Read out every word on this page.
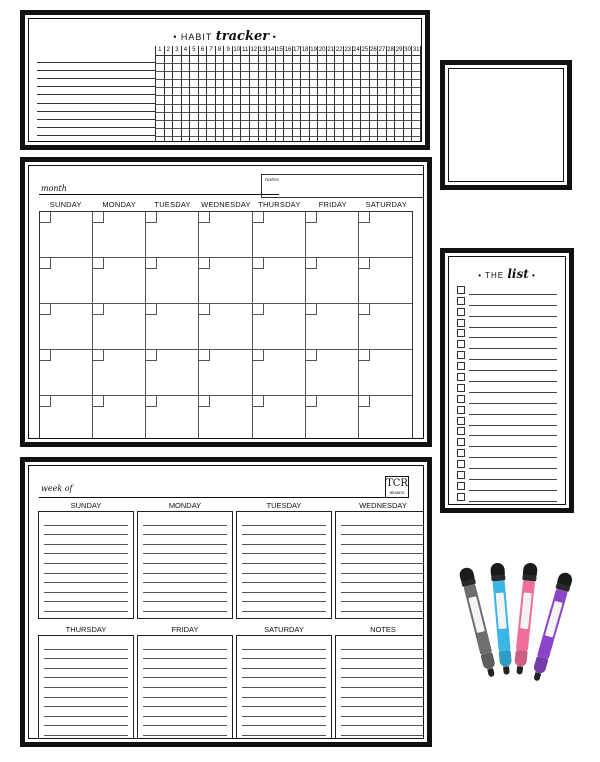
• HABIT tracker •
1 2 3 4 5 6 7 8 9 10 11 12 13 14 15 16 17 18 19 20 21 22 23 24 25 26 27 28 29 30 31
month
notes
SUNDAY	MONDAY	TUESDAY	WEDNESDAY THURSDAY	FRIDAY	SATURDAY
• THE list •
week of	TCR
BRANDS
SUNDAY	MONDAY	TUESDAY	WEDNESDAY
THURSDAY	FRIDAY	SATURDAY	NOTES
